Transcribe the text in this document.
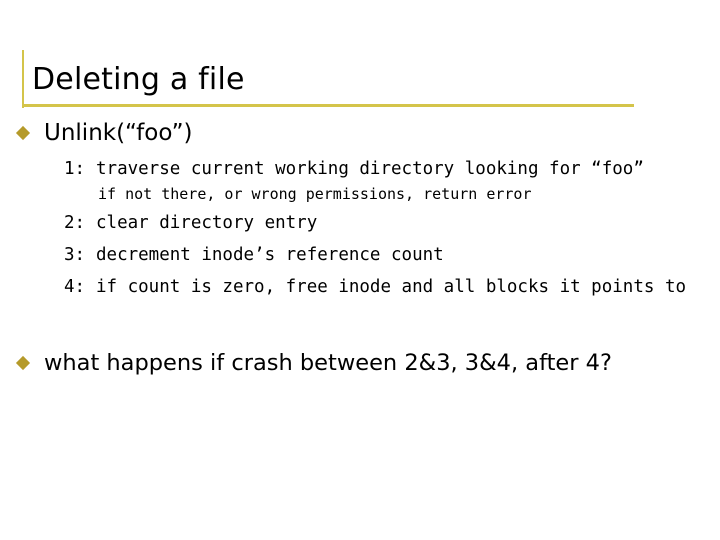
Deleting a file
Unlink(“foo”)
1: traverse current working directory looking for “foo”
if not there, or wrong permissions, return error
2: clear directory entry
3: decrement inode’s reference count
4: if count is zero, free inode and all blocks it points to
what happens if crash between 2&3, 3&4, after 4?
